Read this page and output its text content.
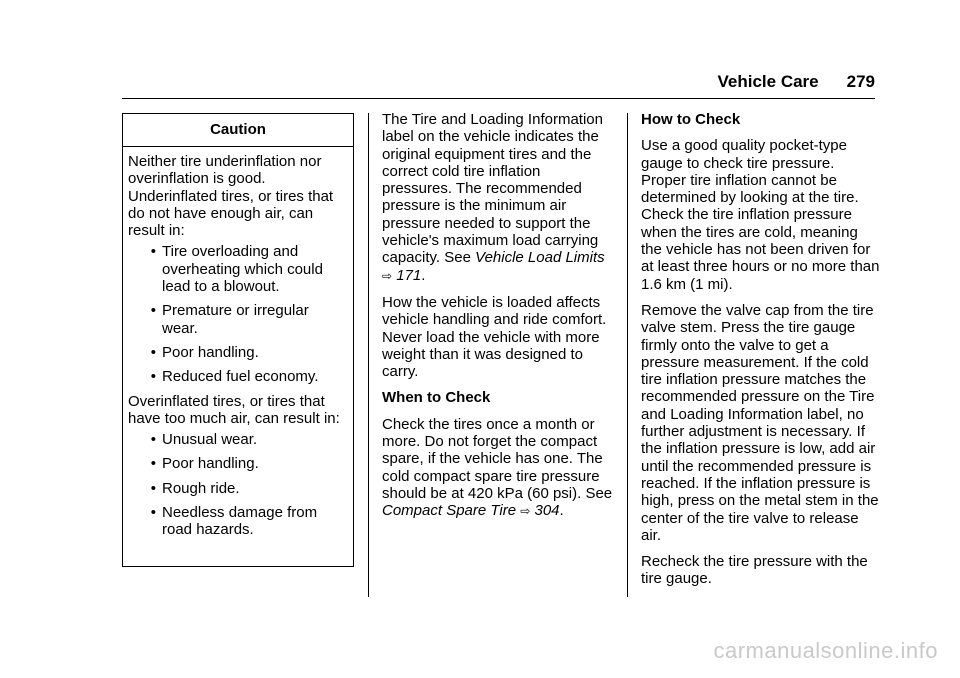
Vehicle Care 279
Caution

Neither tire underinflation nor overinflation is good. Underinflated tires, or tires that do not have enough air, can result in:

• Tire overloading and overheating which could lead to a blowout.
• Premature or irregular wear.
• Poor handling.
• Reduced fuel economy.

Overinflated tires, or tires that have too much air, can result in:

• Unusual wear.
• Poor handling.
• Rough ride.
• Needless damage from road hazards.

The Tire and Loading Information label on the vehicle indicates the original equipment tires and the correct cold tire inflation pressures. The recommended pressure is the minimum air pressure needed to support the vehicle's maximum load carrying capacity. See Vehicle Load Limits ⇨ 171.

How the vehicle is loaded affects vehicle handling and ride comfort. Never load the vehicle with more weight than it was designed to carry.

When to Check

Check the tires once a month or more. Do not forget the compact spare, if the vehicle has one. The cold compact spare tire pressure should be at 420 kPa (60 psi). See Compact Spare Tire ⇨ 304.

How to Check

Use a good quality pocket-type gauge to check tire pressure. Proper tire inflation cannot be determined by looking at the tire. Check the tire inflation pressure when the tires are cold, meaning the vehicle has not been driven for at least three hours or no more than 1.6 km (1 mi).

Remove the valve cap from the tire valve stem. Press the tire gauge firmly onto the valve to get a pressure measurement. If the cold tire inflation pressure matches the recommended pressure on the Tire and Loading Information label, no further adjustment is necessary. If the inflation pressure is low, add air until the recommended pressure is reached. If the inflation pressure is high, press on the metal stem in the center of the tire valve to release air.

Recheck the tire pressure with the tire gauge.

carmanualsonline.info
